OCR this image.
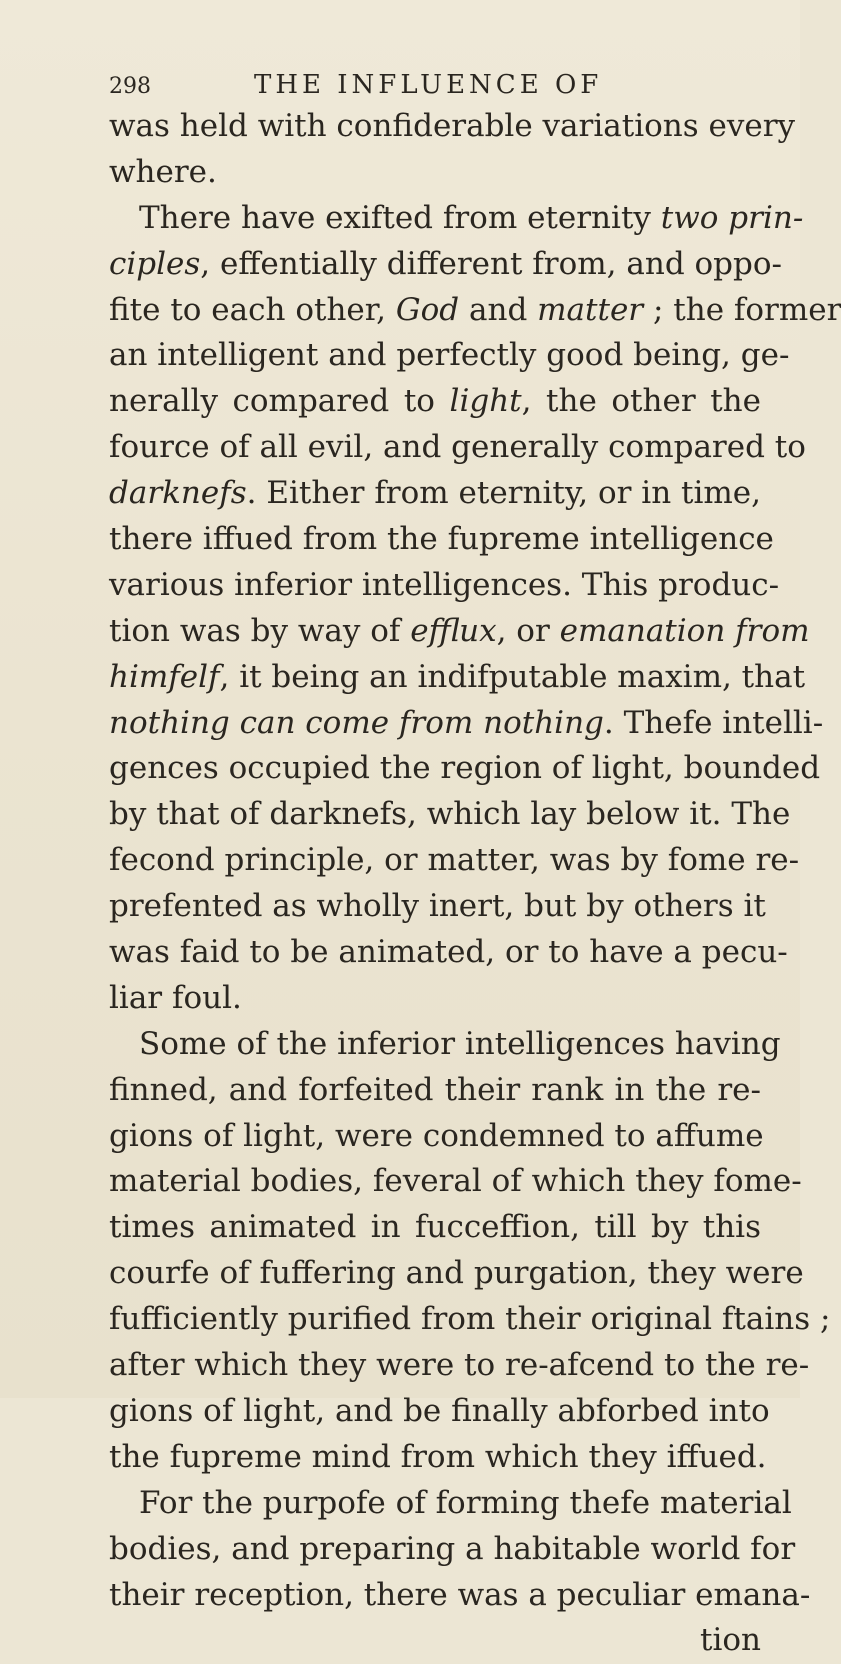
298	THE INFLUENCE OF
was held with confiderable variations every
where.
There have exifted from eternity two prin-
ciples, effentially different from, and oppo-
fite to each other, God and matter ; the former
an intelligent and perfectly good being, ge-
nerally compared to light, the other the
fource of all evil, and generally compared to
darknefs. Either from eternity, or in time,
there iffued from the fupreme intelligence
various inferior intelligences. This produc-
tion was by way of efflux, or emanation from
himfelf, it being an indifputable maxim, that
nothing can come from nothing. Thefe intelli-
gences occupied the region of light, bounded
by that of darknefs, which lay below it. The
fecond principle, or matter, was by fome re-
prefented as wholly inert, but by others it
was faid to be animated, or to have a pecu-
liar foul.
Some of the inferior intelligences having
finned, and forfeited their rank in the re-
gions of light, were condemned to affume
material bodies, feveral of which they fome-
times animated in fucceffion, till by this
courfe of fuffering and purgation, they were
fufficiently purified from their original ftains ;
after which they were to re-afcend to the re-
gions of light, and be finally abforbed into
the fupreme mind from which they iffued.
For the purpofe of forming thefe material
bodies, and preparing a habitable world for
their reception, there was a peculiar emana-
tion
